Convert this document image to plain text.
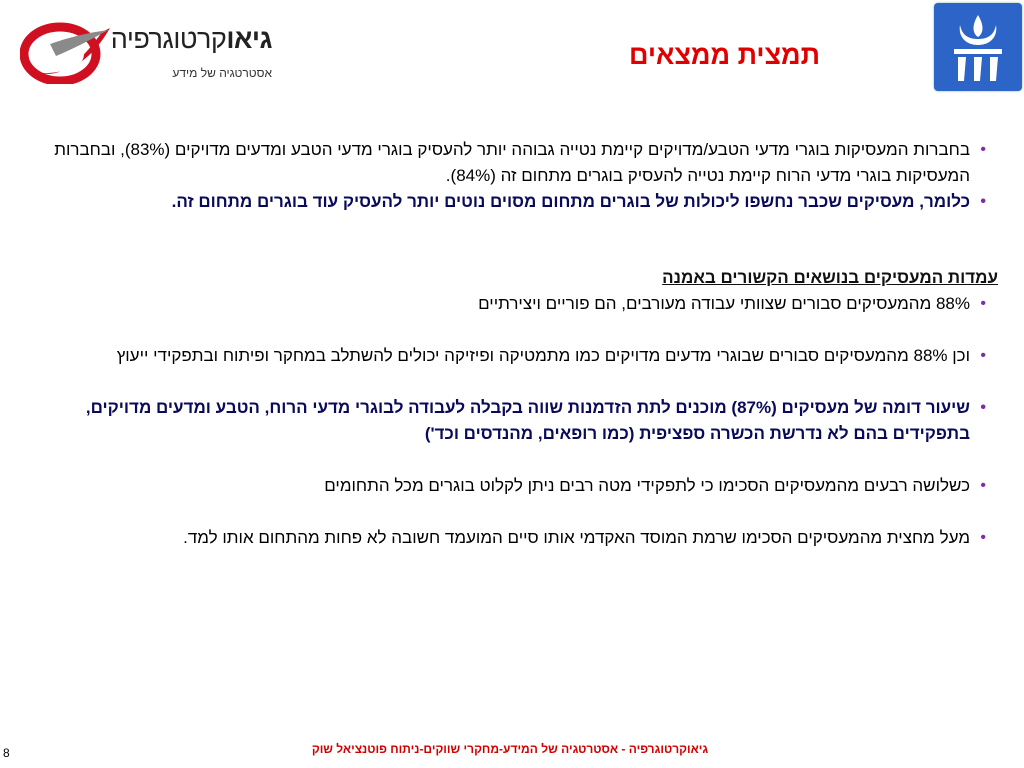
גיאוקרטוגרפיה
אסטרטגיה של מידע
תמצית ממצאים
• בחברות המעסיקות בוגרי מדעי הטבע/מדויקים קיימת נטייה גבוהה יותר להעסיק בוגרי מדעי הטבע ומדעים מדויקים (83%), ובחברות המעסיקות בוגרי מדעי הרוח קיימת נטייה להעסיק בוגרים מתחום זה (84%).
• כלומר, מעסיקים שכבר נחשפו ליכולות של בוגרים מתחום מסוים נוטים יותר להעסיק עוד בוגרים מתחום זה.
עמדות המעסיקים בנושאים הקשורים באמנה
• 88% מהמעסיקים סבורים שצוותי עבודה מעורבים, הם פוריים ויצירתיים
• וכן 88% מהמעסיקים סבורים שבוגרי מדעים מדויקים כמו מתמטיקה ופיזיקה יכולים להשתלב במחקר ופיתוח ובתפקידי ייעוץ
• שיעור דומה של מעסיקים (87%) מוכנים לתת הזדמנות שווה בקבלה לעבודה לבוגרי מדעי הרוח, הטבע ומדעים מדויקים, בתפקידים בהם לא נדרשת הכשרה ספציפית (כמו רופאים, מהנדסים וכד')
• כשלושה רבעים מהמעסיקים הסכימו כי לתפקידי מטה רבים ניתן לקלוט בוגרים מכל התחומים
• מעל מחצית מהמעסיקים הסכימו שרמת המוסד האקדמי אותו סיים המועמד חשובה לא פחות מהתחום אותו למד.
גיאוקרטוגרפיה - אסטרטגיה של המידע-מחקרי שווקים-ניתוח פוטנציאל שוק
8
